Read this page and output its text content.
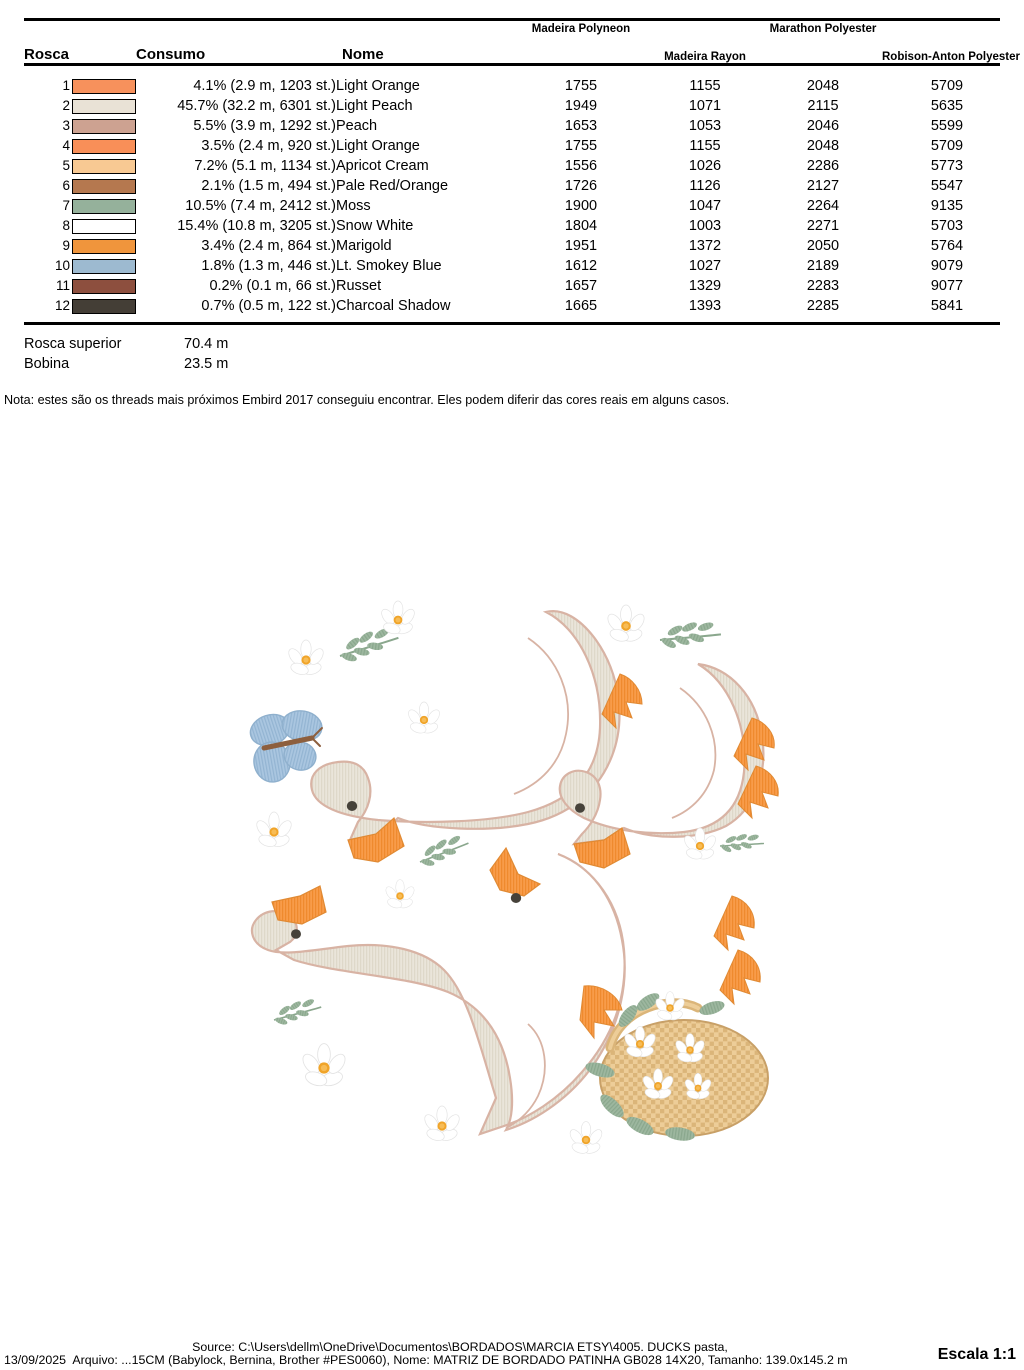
Rosca	Consumo	Nome	Madeira Polyneon	Madeira Rayon	Marathon Polyester	Robison-Anton Polyester

1	4.1% (2.9 m, 1203 st.)	Light Orange	1755	1155	2048	5709

2	45.7% (32.2 m, 6301 st.)	Light Peach	1949	1071	2115	5635

3	5.5% (3.9 m, 1292 st.)	Peach	1653	1053	2046	5599

4	3.5% (2.4 m, 920 st.)	Light Orange	1755	1155	2048	5709

5	7.2% (5.1 m, 1134 st.)	Apricot Cream	1556	1026	2286	5773

6	2.1% (1.5 m, 494 st.)	Pale Red/Orange	1726	1126	2127	5547

7	10.5% (7.4 m, 2412 st.)	Moss	1900	1047	2264	9135

8	15.4% (10.8 m, 3205 st.)	Snow White	1804	1003	2271	5703

9	3.4% (2.4 m, 864 st.)	Marigold	1951	1372	2050	5764

10	1.8% (1.3 m, 446 st.)	Lt. Smokey Blue	1612	1027	2189	9079

11	0.2% (0.1 m, 66 st.)	Russet	1657	1329	2283	9077

12	0.7% (0.5 m, 122 st.)	Charcoal Shadow	1665	1393	2285	5841
Rosca superior	70.4 m
Bobina	23.5 m
Nota: estes são os threads mais próximos Embird 2017 conseguiu encontrar. Eles podem diferir das cores reais em alguns casos.
13/09/2025
Source: C:\Users\dellm\OneDrive\Documentos\BORDADOS\MARCIA ETSY\4005. DUCKS pasta,
Arquivo: ...15CM (Babylock, Bernina, Brother #PES0060), Nome: MATRIZ DE BORDADO PATINHA GB028 14X20, Tamanho: 139.0x145.2 m	Escala 1:1
